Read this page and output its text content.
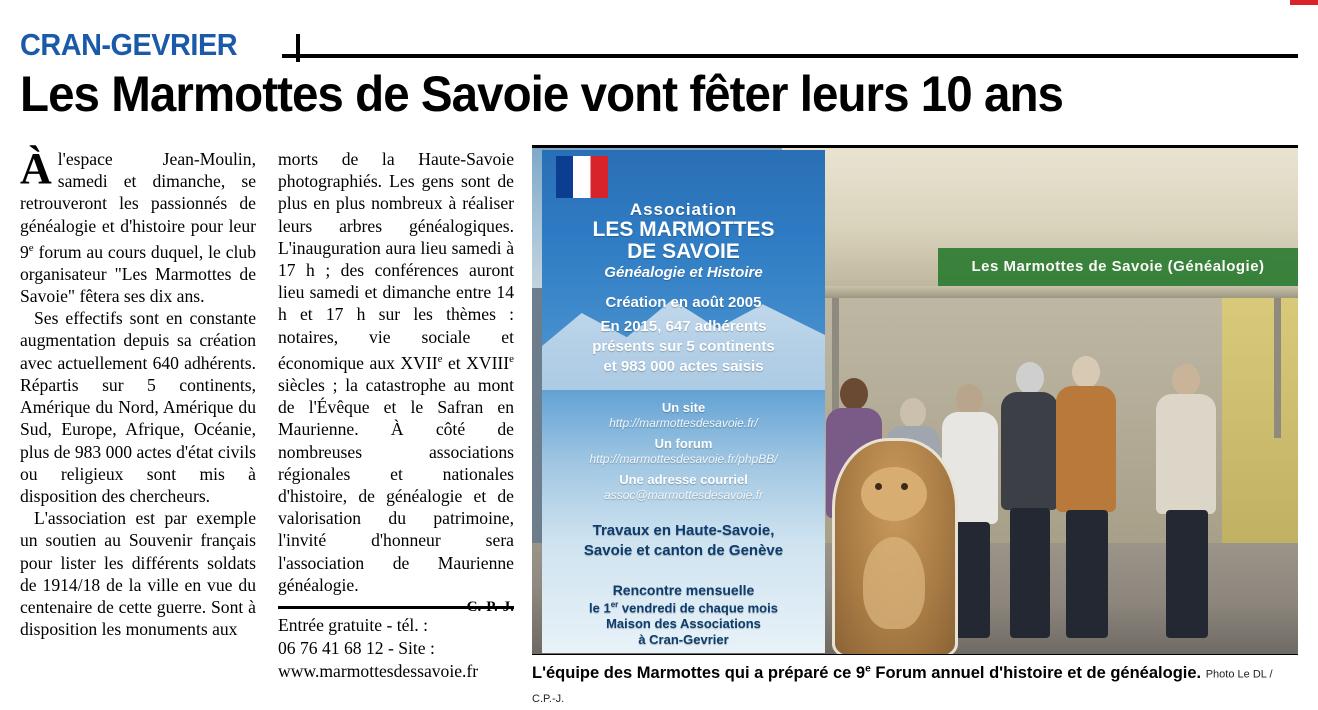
CRAN-GEVRIER
Les Marmottes de Savoie vont fêter leurs 10 ans

Àl'espace Jean-Moulin, samedi et dimanche, se retrouveront les passionnés de généalogie et d'histoire pour leur 9e forum au cours duquel, le club organisateur "Les Marmottes de Savoie" fêtera ses dix ans.

Ses effectifs sont en constante augmentation depuis sa création avec actuellement 640 adhérents. Répartis sur 5 continents, Amérique du Nord, Amérique du Sud, Europe, Afrique, Océanie, plus de 983 000 actes d'état civils ou religieux sont mis à disposition des chercheurs.

L'association est par exemple un soutien au Souvenir français pour lister les différents soldats de 1914/18 de la ville en vue du centenaire de cette guerre. Sont à disposition les monuments aux

morts de la Haute-Savoie photographiés. Les gens sont de plus en plus nombreux à réaliser leurs arbres généalogiques. L'inauguration aura lieu samedi à 17 h ; des conférences auront lieu samedi et dimanche entre 14 h et 17 h sur les thèmes : notaires, vie sociale et économique aux XVIIe et XVIIIe siècles ; la catastrophe au mont de l'Évêque et le Safran en Maurienne. À côté de nombreuses associations régionales et nationales d'histoire, de généalogie et de valorisation du patrimoine, l'invité d'honneur sera l'association de Maurienne généalogie.

Entrée gratuite - tél. :
06 76 41 68 12 - Site :
www.marmottesdessavoie.fr
Les Marmottes de Savoie (Généalogie)
Association
LES MARMOTTES
DE SAVOIE
Généalogie et Histoire
Création en août 2005
En 2015, 647 adhérents
présents sur 5 continents
et 983 000 actes saisis
Un site
http://marmottesdesavoie.fr/
Un forum
http://marmottesdesavoie.fr/phpBB/
Une adresse courriel
assoc@marmottesdesavoie.fr
Travaux en Haute-Savoie,
Savoie et canton de Genève
Rencontre mensuelle
le 1er vendredi de chaque mois
Maison des Associations
à Cran-Gevrier
L'équipe des Marmottes qui a préparé ce 9e Forum annuel d'histoire et de généalogie. Photo Le DL / C.P.-J.
